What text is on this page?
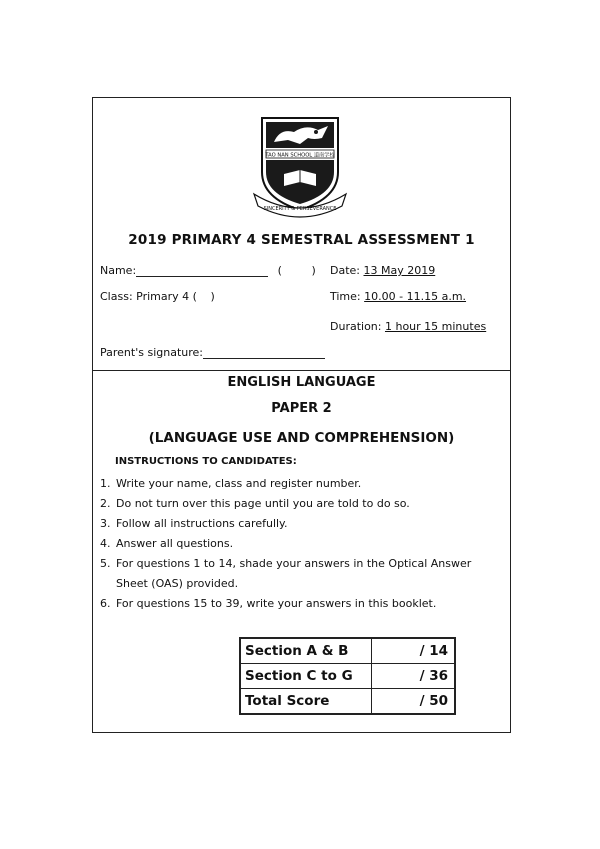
TAO NAN SCHOOL 道南学校
SINCERITY & PERSEVERANCE
2019 PRIMARY 4 SEMESTRAL ASSESSMENT 1
Name:	(	) Date: 13 May 2019
Class: Primary 4 ( )	Time: 10.00 - 11.15 a.m.
Duration: 1 hour 15 minutes
Parent's signature:
ENGLISH LANGUAGE
PAPER 2
(LANGUAGE USE AND COMPREHENSION)
INSTRUCTIONS TO CANDIDATES:
1. Write your name, class and register number.
2. Do not turn over this page until you are told to do so.
3. Follow all instructions carefully.
4. Answer all questions.
5. For questions 1 to 14, shade your answers in the Optical Answer Sheet (OAS) provided.
6. For questions 15 to 39, write your answers in this booklet.
Section A & B	/ 14
Section C to G	/ 36
Total Score	/ 50
